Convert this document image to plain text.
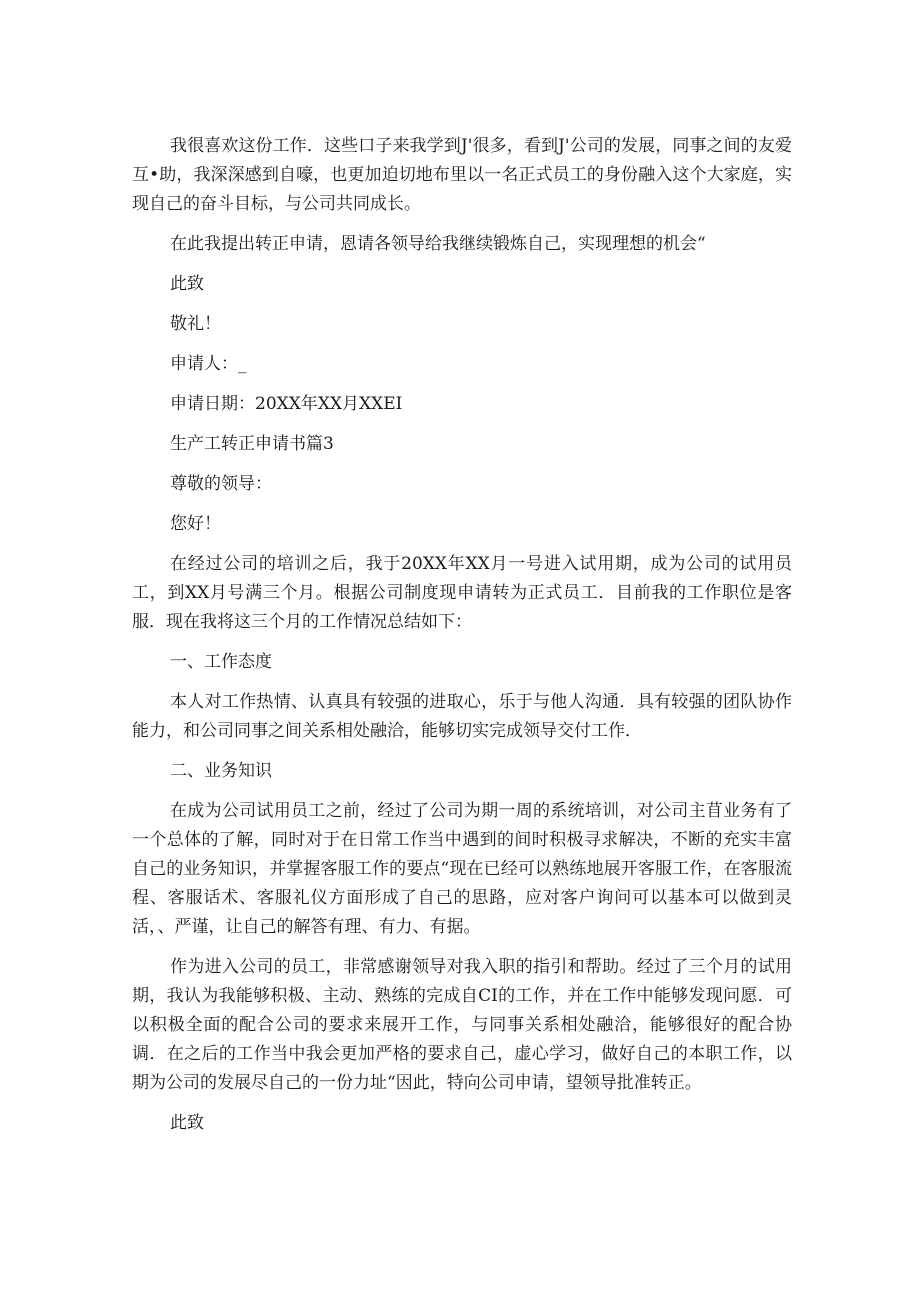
我很喜欢这份工作．这些口子来我学到J'很多，看到J'公司的发展，同事之间的友爱互•助，我深深感到自嚎，也更加迫切地布里以一名正式员工的身份融入这个大家庭，实现自己的奋斗目标，与公司共同成长。

在此我提出转正申请，恩请各领导给我继续锻炼自己，实现理想的机会“

此致

敬礼！

申请人：_

申请日期：20XX年XX月XXEI

生产工转正申请书篇3

尊敬的领导：

您好！

在经过公司的培训之后，我于20XX年XX月一号进入试用期，成为公司的试用员工，到XX月号满三个月。根据公司制度现申请转为正式员工．目前我的工作职位是客服．现在我将这三个月的工作情况总结如下：

一、工作态度

本人对工作热情、认真具有较强的进取心，乐于与他人沟通．具有较强的团队协作能力，和公司同事之间关系相处融洽，能够切实完成领导交付工作．

二、业务知识

在成为公司试用员工之前，经过了公司为期一周的系统培训，对公司主苜业务有了一个总体的了解，同时对于在日常工作当中遇到的间时积极寻求解决，不断的充实丰富自己的业务知识，并掌握客服工作的要点“现在已经可以熟练地展开客服工作，在客服流程、客服话术、客服礼仪方面形成了自己的思路，应对客户询问可以基本可以做到灵活，、严谨，让自己的解答有理、有力、有据。

作为进入公司的员工，非常感谢领导对我入职的指引和帮助。经过了三个月的试用期，我认为我能够积极、主动、熟练的完成自CI的工作，并在工作中能够发现问愿．可以积极全面的配合公司的要求来展开工作，与同事关系相处融洽，能够很好的配合协调．在之后的工作当中我会更加严格的要求自己，虚心学习，做好自己的本职工作，以期为公司的发展尽自己的一份力址“因此，特向公司申请，望领导批准转正。

此致
